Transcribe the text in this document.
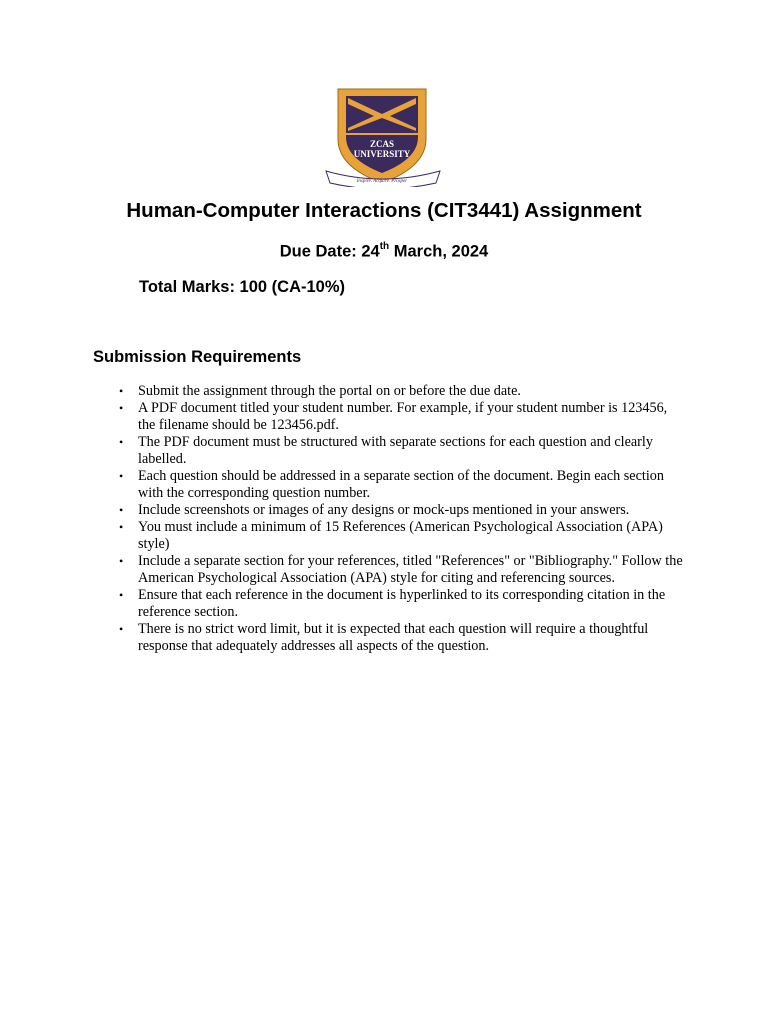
ZCAS
UNIVERSITY
Inspire. Acquire. Prosper
Human-Computer Interactions (CIT3441) Assignment
Due Date: 24th March, 2024
Total Marks: 100 (CA-10%)
Submission Requirements
• Submit the assignment through the portal on or before the due date.
• A PDF document titled your student number. For example, if your student number is 123456, the filename should be 123456.pdf.
• The PDF document must be structured with separate sections for each question and clearly labelled.
• Each question should be addressed in a separate section of the document. Begin each section with the corresponding question number.
• Include screenshots or images of any designs or mock-ups mentioned in your answers.
• You must include a minimum of 15 References (American Psychological Association (APA) style)
• Include a separate section for your references, titled "References" or "Bibliography." Follow the American Psychological Association (APA) style for citing and referencing sources.
• Ensure that each reference in the document is hyperlinked to its corresponding citation in the reference section.
• There is no strict word limit, but it is expected that each question will require a thoughtful response that adequately addresses all aspects of the question.
